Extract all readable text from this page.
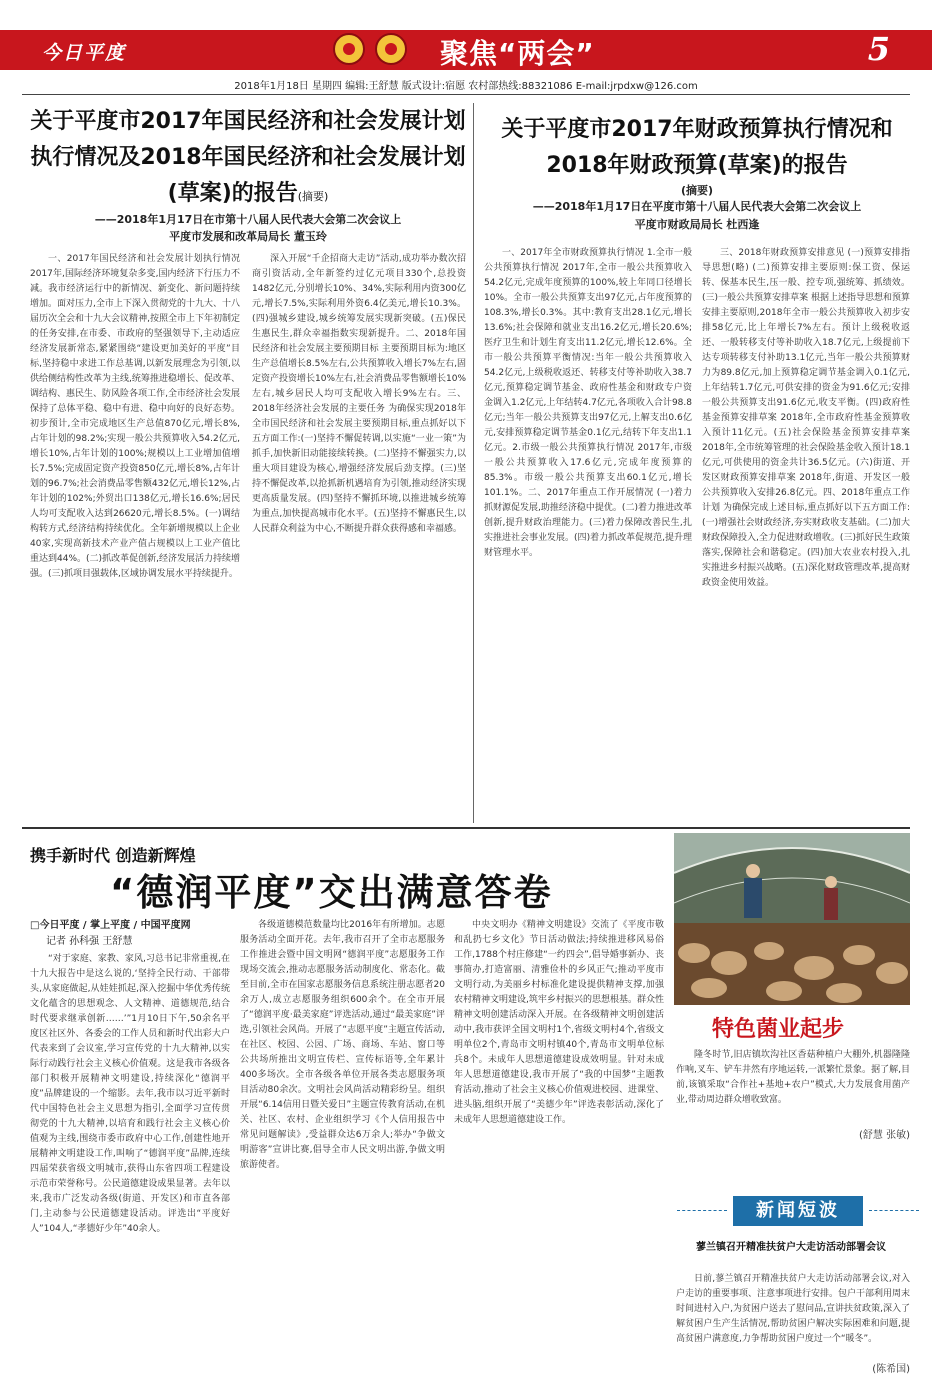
今日平度	聚焦“两会”	5
2018年1月18日 星期四 编辑:王舒慧 版式设计:宿愿 农村部热线:88321086 E-mail:jrpdxw@126.com
关于平度市2017年国民经济和社会发展计划执行情况及2018年国民经济和社会发展计划(草案)的报告(摘要)
——2018年1月17日在市第十八届人民代表大会第二次会议上
平度市发展和改革局局长 董玉玲

一、2017年国民经济和社会发展计划执行情况 2017年,国际经济环境复杂多变,国内经济下行压力不减。我市经济运行中的新情况、新变化、新问题持续增加。面对压力,全市上下深入贯彻党的十九大、十八届历次全会和十九大会议精神,按照全市上下年初制定的任务安排,在市委、市政府的坚强领导下,主动适应经济发展新常态,紧紧围绕“建设更加美好的平度”目标,坚持稳中求进工作总基调,以新发展理念为引领,以供给侧结构性改革为主线,统筹推进稳增长、促改革、调结构、惠民生、防风险各项工作,全市经济社会发展保持了总体平稳、稳中有进、稳中向好的良好态势。初步预计,全市完成地区生产总值870亿元,增长8%,占年计划的98.2%;实现一般公共预算收入54.2亿元,增长10%,占年计划的100%;规模以上工业增加值增长7.5%;完成固定资产投资850亿元,增长8%,占年计划的96.7%;社会消费品零售额432亿元,增长12%,占年计划的102%;外贸出口138亿元,增长16.6%;居民人均可支配收入达到26620元,增长8.5%。(一)调结构转方式,经济结构持续优化。全年新增规模以上企业40家,实现高新技术产业产值占规模以上工业产值比重达到44%。(二)抓改革促创新,经济发展活力持续增强。(三)抓项目强载体,区域协调发展水平持续提升。

深入开展“千企招商大走访”活动,成功举办数次招商引资活动,全年新签约过亿元项目330个,总投资1482亿元,分别增长10%、34%,实际利用内资300亿元,增长7.5%,实际利用外资6.4亿美元,增长10.3%。(四)强城乡建设,城乡统筹发展实现新突破。(五)保民生惠民生,群众幸福指数实现新提升。二、2018年国民经济和社会发展主要预期目标 主要预期目标为:地区生产总值增长8.5%左右,公共预算收入增长7%左右,固定资产投资增长10%左右,社会消费品零售额增长10%左右,城乡居民人均可支配收入增长9%左右。三、2018年经济社会发展的主要任务 为确保实现2018年全市国民经济和社会发展主要预期目标,重点抓好以下五方面工作:(一)坚持不懈促转调,以实施“一业一策”为抓手,加快新旧动能接续转换。(二)坚持不懈强实力,以重大项目建设为核心,增强经济发展后劲支撑。(三)坚持不懈促改革,以抢抓新机遇培育为引领,推动经济实现更高质量发展。(四)坚持不懈抓环境,以推进城乡统筹为重点,加快提高城市化水平。(五)坚持不懈惠民生,以人民群众利益为中心,不断提升群众获得感和幸福感。

关于平度市2017年财政预算执行情况和2018年财政预算(草案)的报告
(摘要)
——2018年1月17日在平度市第十八届人民代表大会第二次会议上
平度市财政局局长 杜西逢

一、2017年全市财政预算执行情况 1.全市一般公共预算执行情况 2017年,全市一般公共预算收入54.2亿元,完成年度预算的100%,较上年同口径增长10%。全市一般公共预算支出97亿元,占年度预算的108.3%,增长0.3%。其中:教育支出28.1亿元,增长13.6%;社会保障和就业支出16.2亿元,增长20.6%;医疗卫生和计划生育支出11.2亿元,增长12.6%。全市一般公共预算平衡情况:当年一般公共预算收入54.2亿元,上级税收返还、转移支付等补助收入38.7亿元,预算稳定调节基金、政府性基金和财政专户资金调入1.2亿元,上年结转4.7亿元,各项收入合计98.8亿元;当年一般公共预算支出97亿元,上解支出0.6亿元,安排预算稳定调节基金0.1亿元,结转下年支出1.1亿元。2.市级一般公共预算执行情况 2017年,市级一般公共预算收入17.6亿元,完成年度预算的85.3%。市级一般公共预算支出60.1亿元,增长101.1%。二、2017年重点工作开展情况 (一)着力抓财源促发展,助推经济稳中提优。(二)着力推进改革创新,提升财政治理能力。(三)着力保障改善民生,扎实推进社会事业发展。(四)着力抓改革促规范,提升理财管理水平。

三、2018年财政预算安排意见 (一)预算安排指导思想(略) (二)预算安排主要原则:保工资、保运转、保基本民生,压一般、控专项,强统筹、抓绩效。(三)一般公共预算安排草案 根据上述指导思想和预算安排主要原则,2018年全市一般公共预算收入初步安排58亿元,比上年增长7%左右。预计上级税收返还、一般转移支付等补助收入18.7亿元,上级提前下达专项转移支付补助13.1亿元,当年一般公共预算财力为89.8亿元,加上预算稳定调节基金调入0.1亿元,上年结转1.7亿元,可供安排的资金为91.6亿元;安排一般公共预算支出91.6亿元,收支平衡。(四)政府性基金预算安排草案 2018年,全市政府性基金预算收入预计11亿元。(五)社会保险基金预算安排草案 2018年,全市统筹管理的社会保险基金收入预计18.1亿元,可供使用的资金共计36.5亿元。(六)街道、开发区财政预算安排草案 2018年,街道、开发区一般公共预算收入安排26.8亿元。四、2018年重点工作计划 为确保完成上述目标,重点抓好以下五方面工作:(一)增强社会财政经济,夯实财政收支基础。(二)加大财政保障投入,全力促进财政增收。(三)抓好民生政策落实,保障社会和谐稳定。(四)加大农业农村投入,扎实推进乡村振兴战略。(五)深化财政管理改革,提高财政资金使用效益。

携手新时代 创造新辉煌
“德润平度”交出满意答卷
□今日平度 / 掌上平度 / 中国平度网
记者 孙科强 王舒慧

“对于家庭、家教、家风,习总书记非常重视,在十九大报告中是这么说的,‘坚持全民行动、干部带头,从家庭做起,从娃娃抓起,深入挖掘中华优秀传统文化蕴含的思想观念、人文精神、道德规范,结合时代要求继承创新……’”1月10日下午,50余名平度区社区外、各委会的工作人员和新时代出彩大户代表来到了会议室,学习宣传党的十九大精神,以实际行动践行社会主义核心价值观。这是我市各级各部门积极开展精神文明建设,持续深化“德润平度”品牌建设的一个缩影。去年,我市以习近平新时代中国特色社会主义思想为指引,全面学习宣传贯彻党的十九大精神,以培育和践行社会主义核心价值观为主线,围绕市委市政府中心工作,创建性地开展精神文明建设工作,叫响了“德润平度”品牌,连续四届荣获省级文明城市,获得山东省四项工程建设示范市荣誉称号。公民道德建设成果显著。去年以来,我市广泛发动各级(街道、开发区)和市直各部门,主动参与公民道德建设活动。评选出“平度好人”104人,“孝德好少年”40余人。

各级道德模范数量均比2016年有所增加。志愿服务活动全面开花。去年,我市召开了全市志愿服务工作推进会暨中国文明网“德润平度”志愿服务工作现场交流会,推动志愿服务活动制度化、常态化。截至目前,全市在国家志愿服务信息系统注册志愿者20余万人,成立志愿服务组织600余个。在全市开展了“德润平度·最美家庭”评选活动,通过“最美家庭”评选,引领社会风尚。开展了“志愿平度”主题宣传活动,在社区、校园、公园、广场、商场、车站、窗口等公共场所推出文明宣传栏、宣传标语等,全年累计400多场次。全市各级各单位开展各类志愿服务项目活动80余次。文明社会风尚活动精彩纷呈。组织开展“6.14信用日暨关爱日”主题宣传教育活动,在机关、社区、农村、企业组织学习《个人信用报告中常见问题解读》,受益群众达6万余人;举办“争做文明游客”宣讲比赛,倡导全市人民文明出游,争做文明旅游使者。

中央文明办《精神文明建设》交流了《平度市敬和乱扔七乡文化》节日活动做法;持续推进移风易俗工作,1788个村庄修建“一约四会”,倡导婚事新办、丧事简办,打造富丽、清雅俭朴的乡风正气;推动平度市文明行动,为美丽乡村标准化建设提供精神支撑,加强农村精神文明建设,筑牢乡村振兴的思想根基。群众性精神文明创建活动深入开展。在各级精神文明创建活动中,我市获评全国文明村1个,省级文明村4个,省级文明单位2个,青岛市文明村镇40个,青岛市文明单位标兵8个。未成年人思想道德建设成效明显。针对未成年人思想道德建设,我市开展了“我的中国梦”主题教育活动,推动了社会主义核心价值观进校园、进课堂、进头脑,组织开展了“美德少年”评选表彰活动,深化了未成年人思想道德建设工作。

特色菌业起步

隆冬时节,旧店镇坎沟社区香菇种植户大棚外,机器隆隆作响,叉车、铲车井然有序地运转,一派繁忙景象。据了解,目前,该镇采取“合作社+基地+农户”模式,大力发展食用菌产业,带动周边群众增收致富。

(舒慧 张敏)
新闻短波

蓼兰镇召开精准扶贫户大走访活动部署会议

日前,蓼兰镇召开精准扶贫户大走访活动部署会议,对入户走访的重要事项、注意事项进行安排。包户干部利用周末时间进村入户,为贫困户送去了慰问品,宣讲扶贫政策,深入了解贫困户生产生活情况,帮助贫困户解决实际困难和问题,提高贫困户满意度,力争帮助贫困户度过一个“暖冬”。

(陈希国)
